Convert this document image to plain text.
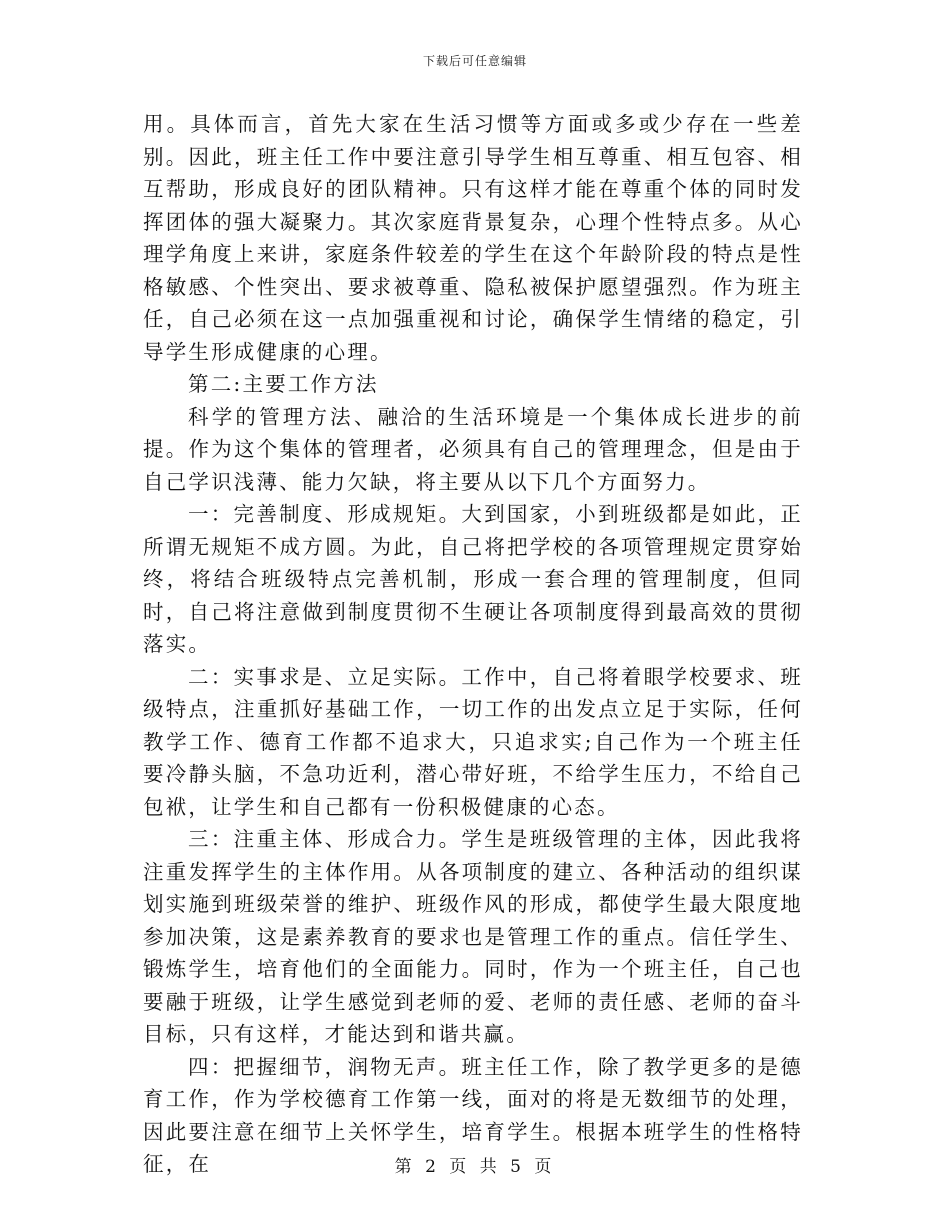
下载后可任意编辑

用。具体而言，首先大家在生活习惯等方面或多或少存在一些差别。因此，班主任工作中要注意引导学生相互尊重、相互包容、相互帮助，形成良好的团队精神。只有这样才能在尊重个体的同时发挥团体的强大凝聚力。其次家庭背景复杂，心理个性特点多。从心理学角度上来讲，家庭条件较差的学生在这个年龄阶段的特点是性格敏感、个性突出、要求被尊重、隐私被保护愿望强烈。作为班主任，自己必须在这一点加强重视和讨论，确保学生情绪的稳定，引导学生形成健康的心理。

第二:主要工作方法

科学的管理方法、融洽的生活环境是一个集体成长进步的前提。作为这个集体的管理者，必须具有自己的管理理念，但是由于自己学识浅薄、能力欠缺，将主要从以下几个方面努力。

一：完善制度、形成规矩。大到国家，小到班级都是如此，正所谓无规矩不成方圆。为此，自己将把学校的各项管理规定贯穿始终，将结合班级特点完善机制，形成一套合理的管理制度，但同时，自己将注意做到制度贯彻不生硬让各项制度得到最高效的贯彻落实。

二：实事求是、立足实际。工作中，自己将着眼学校要求、班级特点，注重抓好基础工作，一切工作的出发点立足于实际，任何教学工作、德育工作都不追求大，只追求实;自己作为一个班主任要冷静头脑，不急功近利，潜心带好班，不给学生压力，不给自己包袱，让学生和自己都有一份积极健康的心态。

三：注重主体、形成合力。学生是班级管理的主体，因此我将注重发挥学生的主体作用。从各项制度的建立、各种活动的组织谋划实施到班级荣誉的维护、班级作风的形成，都使学生最大限度地参加决策，这是素养教育的要求也是管理工作的重点。信任学生、锻炼学生，培育他们的全面能力。同时，作为一个班主任，自己也要融于班级，让学生感觉到老师的爱、老师的责任感、老师的奋斗目标，只有这样，才能达到和谐共赢。

四：把握细节，润物无声。班主任工作，除了教学更多的是德育工作，作为学校德育工作第一线，面对的将是无数细节的处理，因此要注意在细节上关怀学生，培育学生。根据本班学生的性格特征，在	第 2 页 共 5 页
